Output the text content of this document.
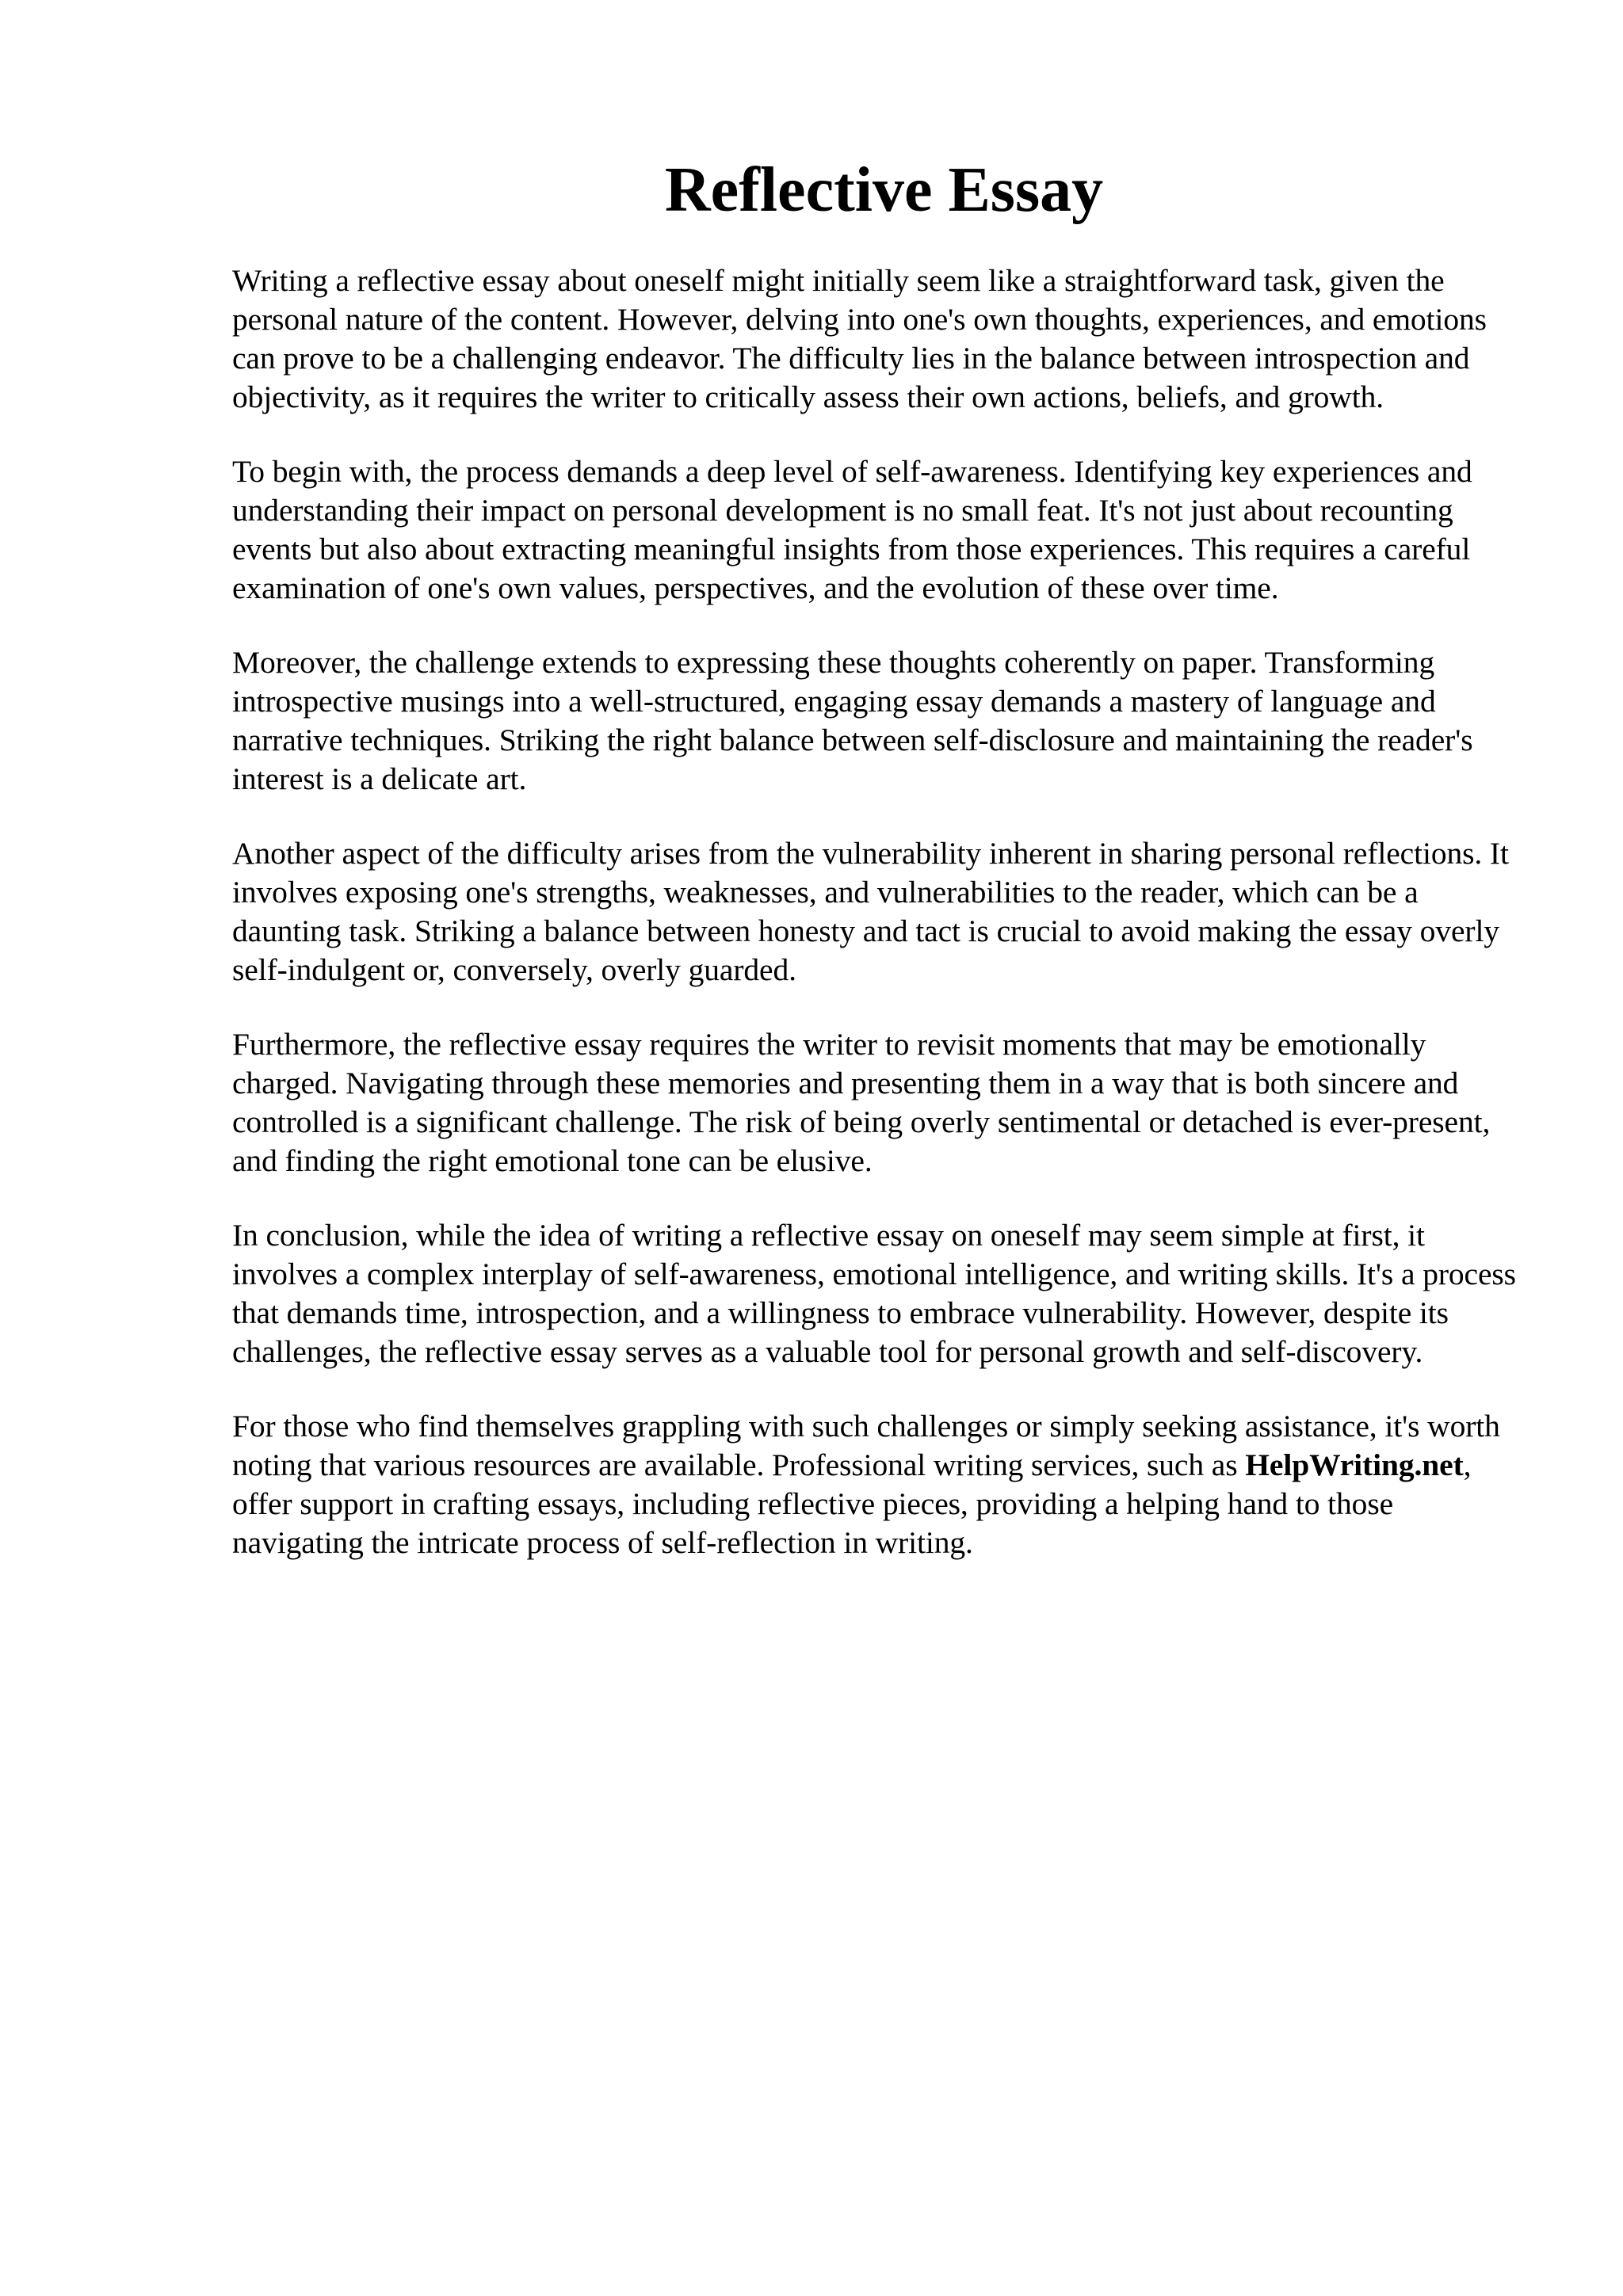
Reflective Essay

Writing a reflective essay about oneself might initially seem like a straightforward task, given the personal nature of the content. However, delving into one's own thoughts, experiences, and emotions can prove to be a challenging endeavor. The difficulty lies in the balance between introspection and objectivity, as it requires the writer to critically assess their own actions, beliefs, and growth.

To begin with, the process demands a deep level of self-awareness. Identifying key experiences and understanding their impact on personal development is no small feat. It's not just about recounting events but also about extracting meaningful insights from those experiences. This requires a careful examination of one's own values, perspectives, and the evolution of these over time.

Moreover, the challenge extends to expressing these thoughts coherently on paper. Transforming introspective musings into a well-structured, engaging essay demands a mastery of language and narrative techniques. Striking the right balance between self-disclosure and maintaining the reader's interest is a delicate art.

Another aspect of the difficulty arises from the vulnerability inherent in sharing personal reflections. It involves exposing one's strengths, weaknesses, and vulnerabilities to the reader, which can be a daunting task. Striking a balance between honesty and tact is crucial to avoid making the essay overly self-indulgent or, conversely, overly guarded.

Furthermore, the reflective essay requires the writer to revisit moments that may be emotionally charged. Navigating through these memories and presenting them in a way that is both sincere and controlled is a significant challenge. The risk of being overly sentimental or detached is ever-present, and finding the right emotional tone can be elusive.

In conclusion, while the idea of writing a reflective essay on oneself may seem simple at first, it involves a complex interplay of self-awareness, emotional intelligence, and writing skills. It's a process that demands time, introspection, and a willingness to embrace vulnerability. However, despite its challenges, the reflective essay serves as a valuable tool for personal growth and self-discovery.

For those who find themselves grappling with such challenges or simply seeking assistance, it's worth noting that various resources are available. Professional writing services, such as HelpWriting.net, offer support in crafting essays, including reflective pieces, providing a helping hand to those navigating the intricate process of self-reflection in writing.
